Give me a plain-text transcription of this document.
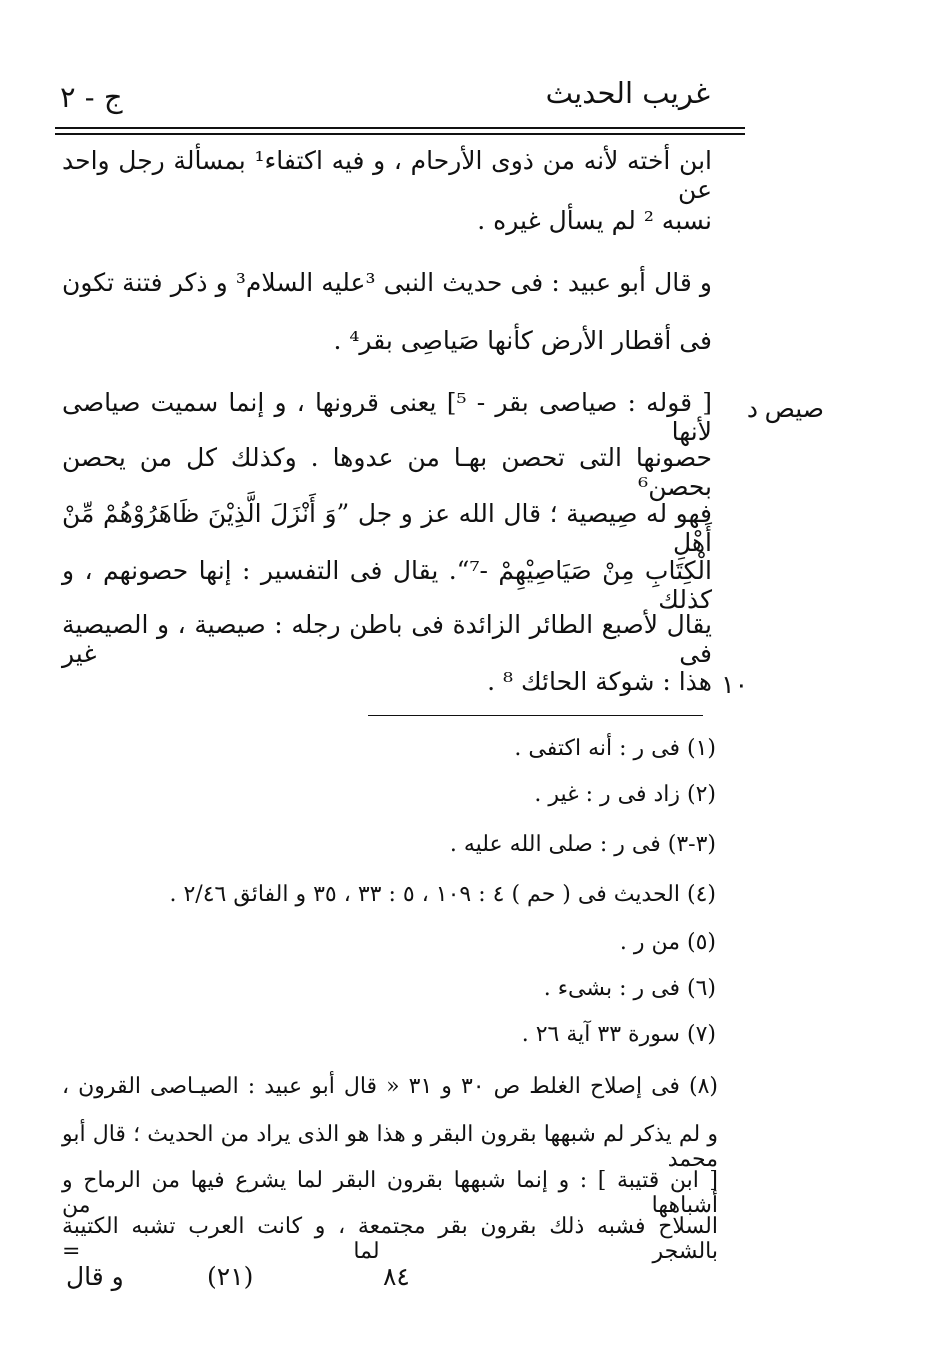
غريب الحديث
ج - ٢
ابن أخته لأنه من ذوى الأرحام ، و فيه اكتفاء¹ بمسألة رجل واحد عن
نسبه ² لم يسأل غيره .
و قال أبو عبيد : فى حديث النبى ³عليه السلام³ و ذكر فتنة تكون
فى أقطار الأرض كأنها صَياصِى بقر⁴ .
[ قوله : صياصى بقر - ⁵] يعنى قرونها ، و إنما سميت صياصى لأنها
حصونها التى تحصن بهـا من عدوها . وكذلك كل من يحصن بحصن⁶
فهو له صِيصية ؛ قال الله عز و جل ”وَ أَنْزَلَ الَّذِيْنَ ظَاهَرُوْهُمْ مِّنْ أَهْلِ
الْكِتَابِ مِنْ صَيَاصِيْهِمْ -⁷“. يقال فى التفسير : إنها حصونهم ، و كذلك
يقال لأصبع الطائر الزائدة فى باطن رجله : صيصية ، و الصيصية فى غير
هذا : شوكة الحائك ⁸ .
صيص
د
١٠
(١) فى ر : أنه اكتفى .
(٢) زاد فى ر : غير .
(٣-٣) فى ر : صلى الله عليه .
(٤) الحديث فى ( حم ) ٤ : ١٠٩ ، ٥ : ٣٣ ، ٣٥ و الفائق ٢/٤٦ .
(٥) من ر .
(٦) فى ر : بشىء .
(٧) سورة ٣٣ آية ٢٦ .
(٨) فى إصلاح الغلط ص ٣٠ و ٣١ « قال أبو عبيد : الصيـاصى القرون ،
و لم يذكر لم شبهها بقرون البقر و هذا هو الذى يراد من الحديث ؛ قال أبو محمد
[ ابن قتيبة ] : و إنما شبهها بقرون البقر لما يشرع فيها من الرماح و أشباهها من
السلاح فشبه ذلك بقرون بقر مجتمعة ، و كانت العرب تشبه الكتيبة بالشجر لما =
٨٤
(٢١)
و قال
